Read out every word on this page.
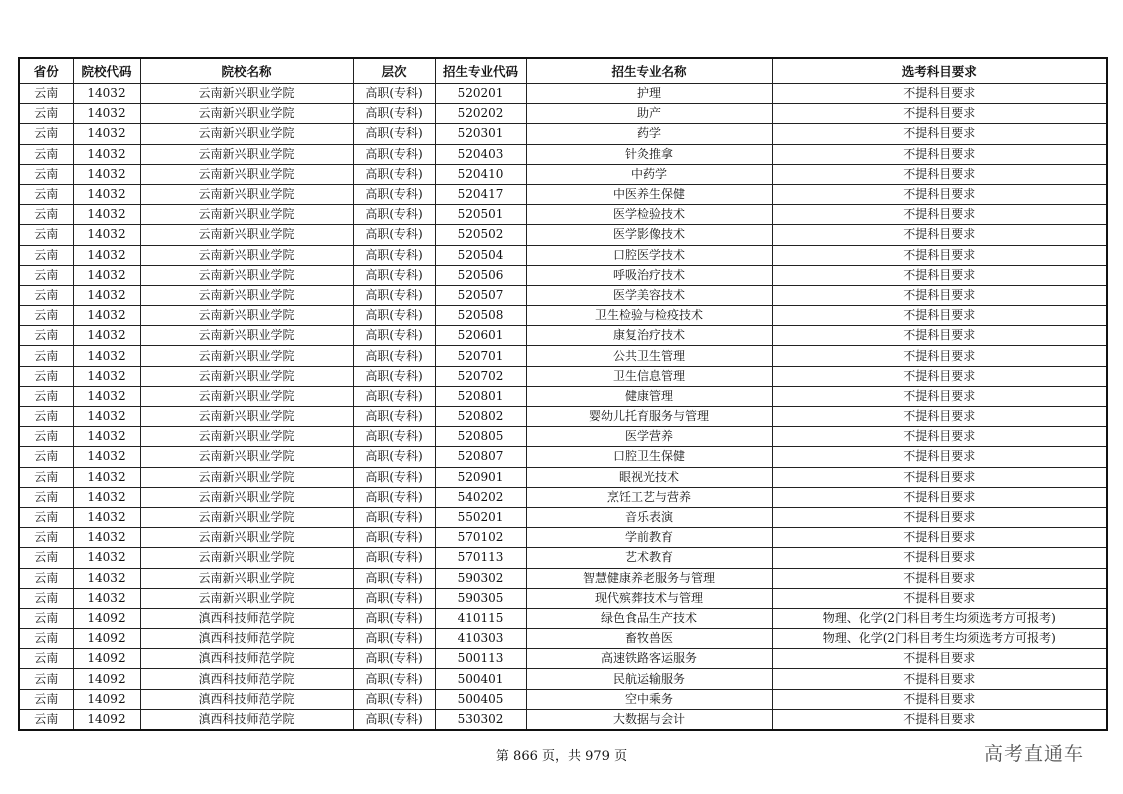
省份	院校代码	院校名称	层次	招生专业代码	招生专业名称	选考科目要求
云南	14032	云南新兴职业学院	高职(专科)	520201	护理	不提科目要求
云南	14032	云南新兴职业学院	高职(专科)	520202	助产	不提科目要求
云南	14032	云南新兴职业学院	高职(专科)	520301	药学	不提科目要求
云南	14032	云南新兴职业学院	高职(专科)	520403	针灸推拿	不提科目要求
云南	14032	云南新兴职业学院	高职(专科)	520410	中药学	不提科目要求
云南	14032	云南新兴职业学院	高职(专科)	520417	中医养生保健	不提科目要求
云南	14032	云南新兴职业学院	高职(专科)	520501	医学检验技术	不提科目要求
云南	14032	云南新兴职业学院	高职(专科)	520502	医学影像技术	不提科目要求
云南	14032	云南新兴职业学院	高职(专科)	520504	口腔医学技术	不提科目要求
云南	14032	云南新兴职业学院	高职(专科)	520506	呼吸治疗技术	不提科目要求
云南	14032	云南新兴职业学院	高职(专科)	520507	医学美容技术	不提科目要求
云南	14032	云南新兴职业学院	高职(专科)	520508	卫生检验与检疫技术	不提科目要求
云南	14032	云南新兴职业学院	高职(专科)	520601	康复治疗技术	不提科目要求
云南	14032	云南新兴职业学院	高职(专科)	520701	公共卫生管理	不提科目要求
云南	14032	云南新兴职业学院	高职(专科)	520702	卫生信息管理	不提科目要求
云南	14032	云南新兴职业学院	高职(专科)	520801	健康管理	不提科目要求
云南	14032	云南新兴职业学院	高职(专科)	520802	婴幼儿托育服务与管理	不提科目要求
云南	14032	云南新兴职业学院	高职(专科)	520805	医学营养	不提科目要求
云南	14032	云南新兴职业学院	高职(专科)	520807	口腔卫生保健	不提科目要求
云南	14032	云南新兴职业学院	高职(专科)	520901	眼视光技术	不提科目要求
云南	14032	云南新兴职业学院	高职(专科)	540202	烹饪工艺与营养	不提科目要求
云南	14032	云南新兴职业学院	高职(专科)	550201	音乐表演	不提科目要求
云南	14032	云南新兴职业学院	高职(专科)	570102	学前教育	不提科目要求
云南	14032	云南新兴职业学院	高职(专科)	570113	艺术教育	不提科目要求
云南	14032	云南新兴职业学院	高职(专科)	590302	智慧健康养老服务与管理	不提科目要求
云南	14032	云南新兴职业学院	高职(专科)	590305	现代殡葬技术与管理	不提科目要求
云南	14092	滇西科技师范学院	高职(专科)	410115	绿色食品生产技术	物理、化学(2门科目考生均须选考方可报考)
云南	14092	滇西科技师范学院	高职(专科)	410303	畜牧兽医	物理、化学(2门科目考生均须选考方可报考)
云南	14092	滇西科技师范学院	高职(专科)	500113	高速铁路客运服务	不提科目要求
云南	14092	滇西科技师范学院	高职(专科)	500401	民航运输服务	不提科目要求
云南	14092	滇西科技师范学院	高职(专科)	500405	空中乘务	不提科目要求
云南	14092	滇西科技师范学院	高职(专科)	530302	大数据与会计	不提科目要求
第 866 页，共 979 页	高考直通车
